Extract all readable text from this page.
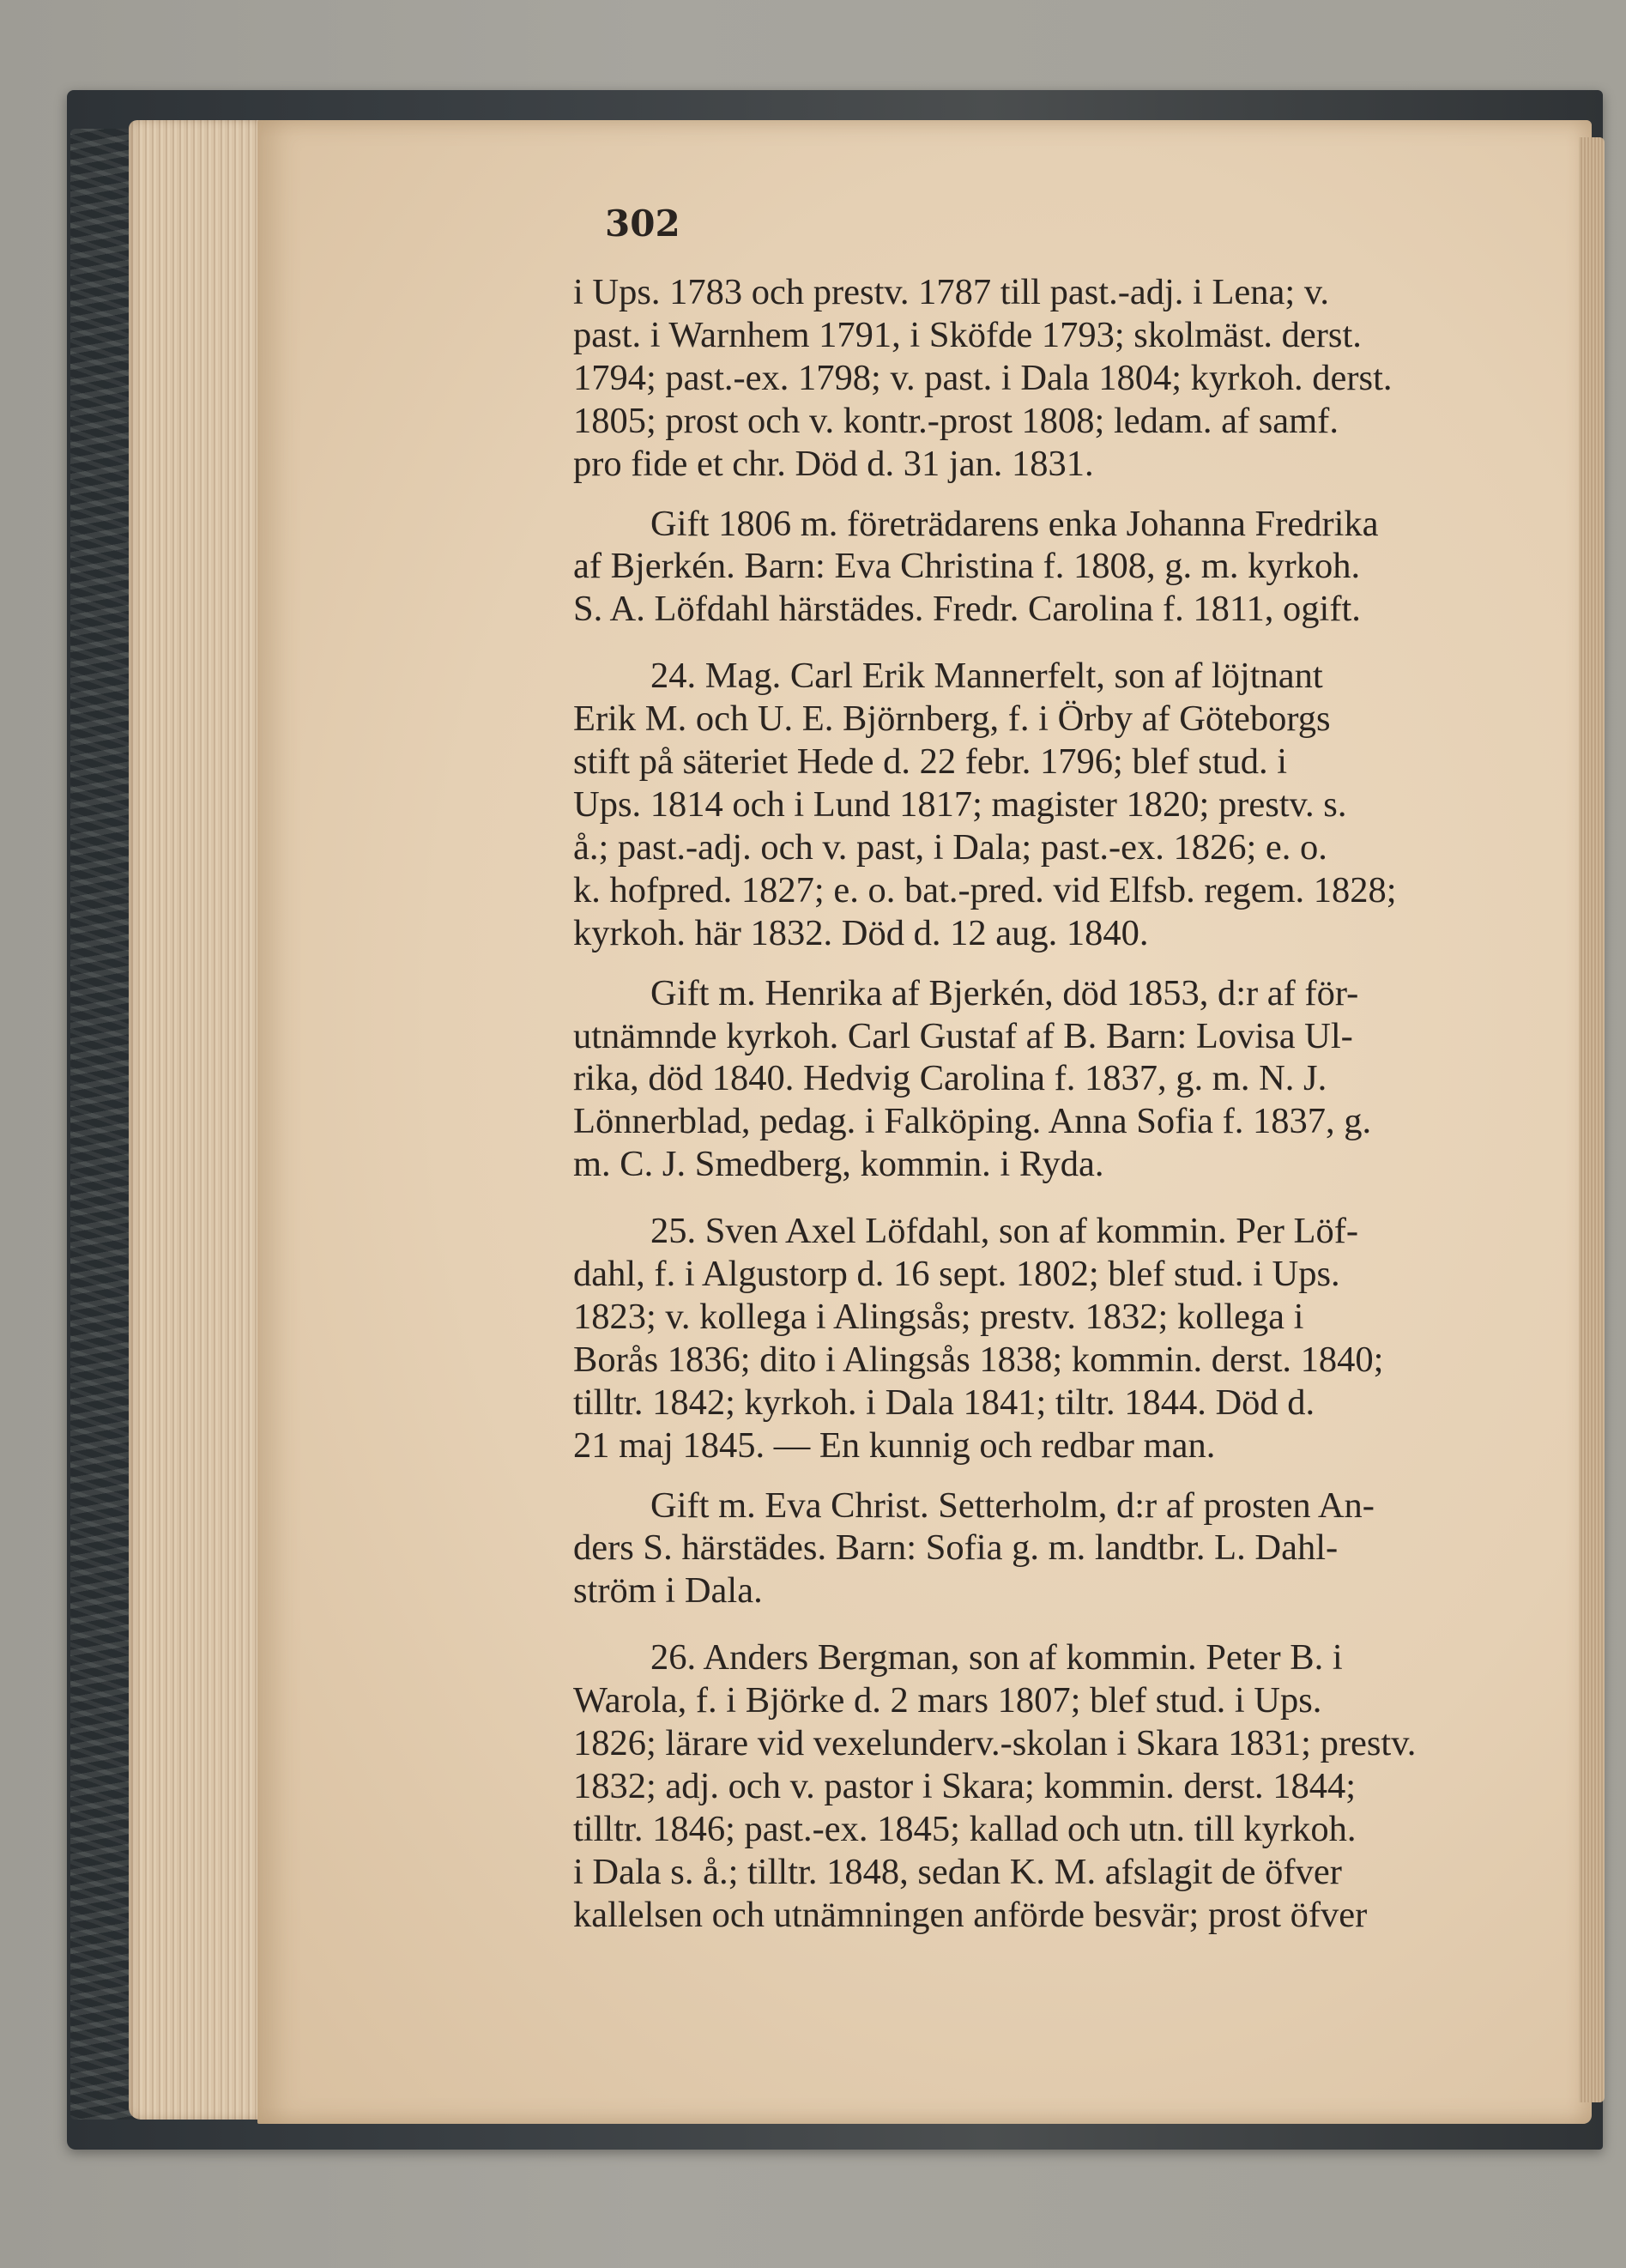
302

i Ups. 1783 och prestv. 1787 till past.-adj. i Lena; v.

past. i Warnhem 1791, i Sköfde 1793; skolmäst. derst.

1794; past.-ex. 1798; v. past. i Dala 1804; kyrkoh. derst.

1805; prost och v. kontr.-prost 1808; ledam. af samf.

pro fide et chr. Död d. 31 jan. 1831.

Gift 1806 m. företrädarens enka Johanna Fredrika

af Bjerkén. Barn: Eva Christina f. 1808, g. m. kyrkoh.

S. A. Löfdahl härstädes. Fredr. Carolina f. 1811, ogift.

24. Mag. Carl Erik Mannerfelt, son af löjtnant

Erik M. och U. E. Björnberg, f. i Örby af Göteborgs

stift på säteriet Hede d. 22 febr. 1796; blef stud. i

Ups. 1814 och i Lund 1817; magister 1820; prestv. s.

å.; past.-adj. och v. past, i Dala; past.-ex. 1826; e. o.

k. hofpred. 1827; e. o. bat.-pred. vid Elfsb. regem. 1828;

kyrkoh. här 1832. Död d. 12 aug. 1840.

Gift m. Henrika af Bjerkén, död 1853, d:r af för-

utnämnde kyrkoh. Carl Gustaf af B. Barn: Lovisa Ul-

rika, död 1840. Hedvig Carolina f. 1837, g. m. N. J.

Lönnerblad, pedag. i Falköping. Anna Sofia f. 1837, g.

m. C. J. Smedberg, kommin. i Ryda.

25. Sven Axel Löfdahl, son af kommin. Per Löf-

dahl, f. i Algustorp d. 16 sept. 1802; blef stud. i Ups.

1823; v. kollega i Alingsås; prestv. 1832; kollega i

Borås 1836; dito i Alingsås 1838; kommin. derst. 1840;

tilltr. 1842; kyrkoh. i Dala 1841; tiltr. 1844. Död d.

21 maj 1845. — En kunnig och redbar man.

Gift m. Eva Christ. Setterholm, d:r af prosten An-

ders S. härstädes. Barn: Sofia g. m. landtbr. L. Dahl-

ström i Dala.

26. Anders Bergman, son af kommin. Peter B. i

Warola, f. i Björke d. 2 mars 1807; blef stud. i Ups.

1826; lärare vid vexelunderv.-skolan i Skara 1831; prestv.

1832; adj. och v. pastor i Skara; kommin. derst. 1844;

tilltr. 1846; past.-ex. 1845; kallad och utn. till kyrkoh.

i Dala s. å.; tilltr. 1848, sedan K. M. afslagit de öfver

kallelsen och utnämningen anförde besvär; prost öfver
